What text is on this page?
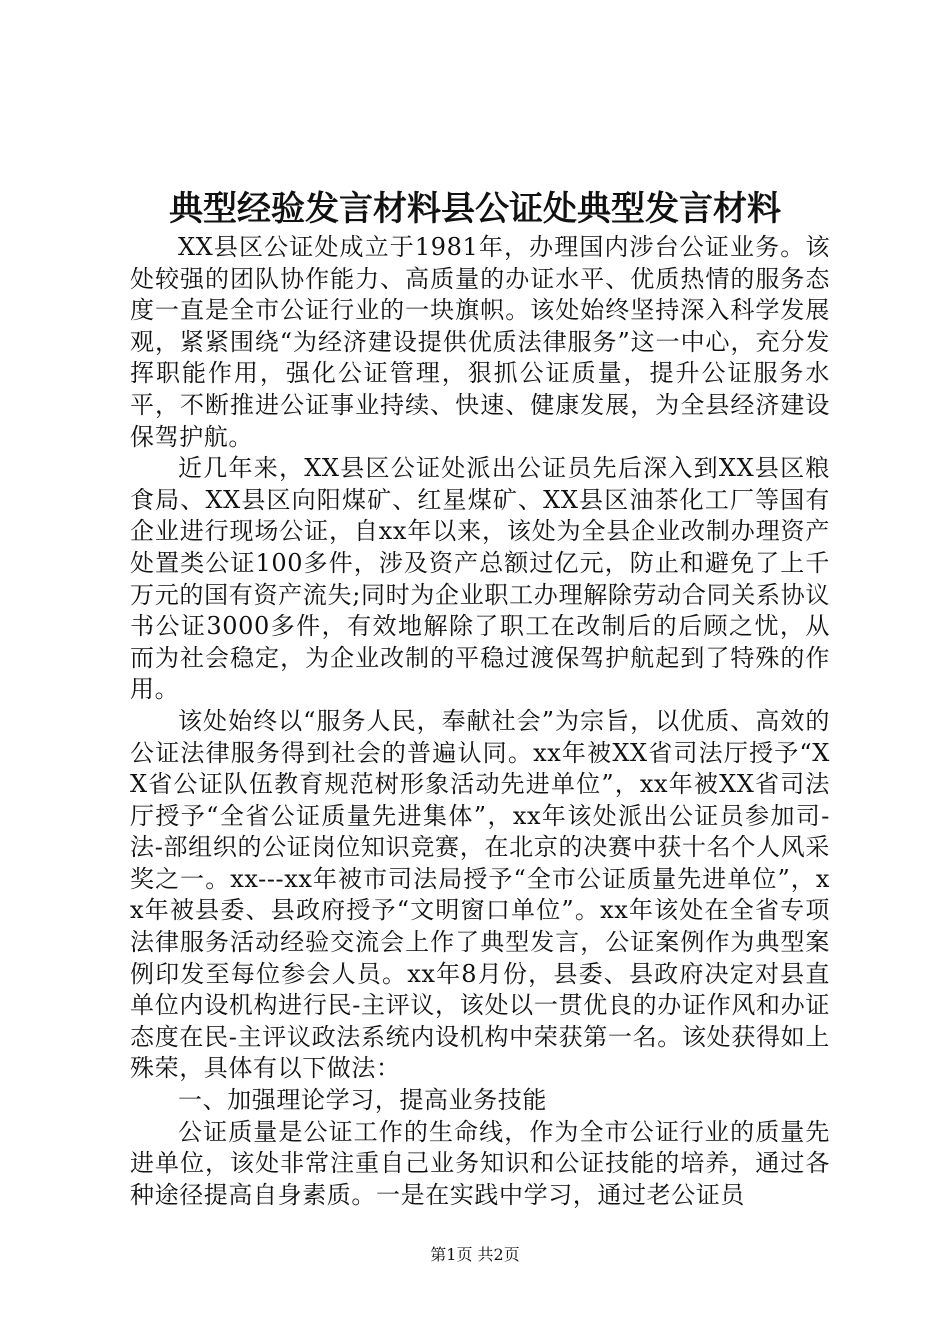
典型经验发言材料县公证处典型发言材料

XX县区公证处成立于1981年，办理国内涉台公证业务。该处较强的团队协作能力、高质量的办证水平、优质热情的服务态度一直是全市公证行业的一块旗帜。该处始终坚持深入科学发展观，紧紧围绕“为经济建设提供优质法律服务”这一中心，充分发挥职能作用，强化公证管理，狠抓公证质量，提升公证服务水平，不断推进公证事业持续、快速、健康发展，为全县经济建设保驾护航。

近几年来，XX县区公证处派出公证员先后深入到XX县区粮食局、XX县区向阳煤矿、红星煤矿、XX县区油茶化工厂等国有企业进行现场公证，自xx年以来，该处为全县企业改制办理资产处置类公证100多件，涉及资产总额过亿元，防止和避免了上千万元的国有资产流失;同时为企业职工办理解除劳动合同关系协议书公证3000多件，有效地解除了职工在改制后的后顾之忧，从而为社会稳定，为企业改制的平稳过渡保驾护航起到了特殊的作用。

该处始终以“服务人民，奉献社会”为宗旨，以优质、高效的公证法律服务得到社会的普遍认同。xx年被XX省司法厅授予“XX省公证队伍教育规范树形象活动先进单位”，xx年被XX省司法厅授予“全省公证质量先进集体”，xx年该处派出公证员参加司-法-部组织的公证岗位知识竞赛，在北京的决赛中获十名个人风采奖之一。xx---xx年被市司法局授予“全市公证质量先进单位”，xx年被县委、县政府授予“文明窗口单位”。xx年该处在全省专项法律服务活动经验交流会上作了典型发言，公证案例作为典型案例印发至每位参会人员。xx年8月份，县委、县政府决定对县直单位内设机构进行民-主评议，该处以一贯优良的办证作风和办证态度在民-主评议政法系统内设机构中荣获第一名。该处获得如上殊荣，具体有以下做法：

一、加强理论学习，提高业务技能

公证质量是公证工作的生命线，作为全市公证行业的质量先进单位，该处非常注重自己业务知识和公证技能的培养，通过各种途径提高自身素质。一是在实践中学习，通过老公证员

第1页 共2页
